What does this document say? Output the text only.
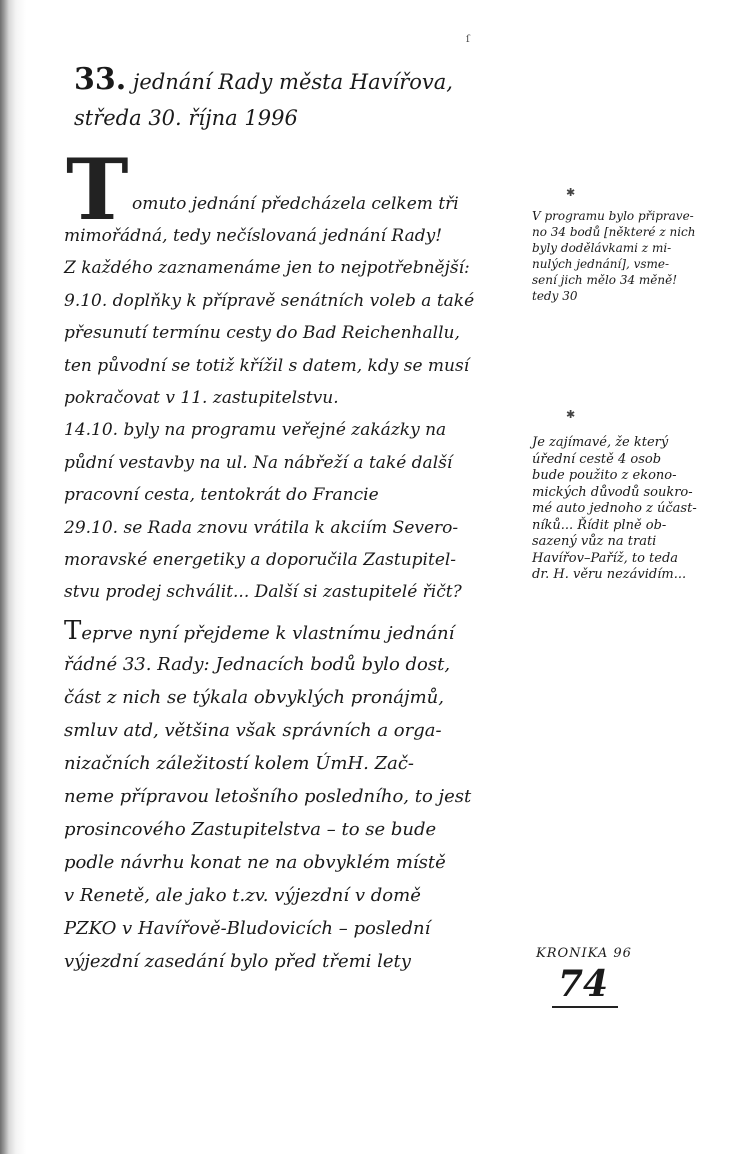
33. jednání Rady města Havířova,
středa 30. října 1996
T omuto jednání předcházela celkem tři
mimořádná, tedy nečíslovaná jednání Rady!
Z každého zaznamenáme jen to nejpotřebnější:
9.10. doplňky k přípravě senátních voleb a také
přesunutí termínu cesty do Bad Reichenhallu,
ten původní se totiž křížil s datem, kdy se musí
pokračovat v 11. zastupitelstvu.
14.10. byly na programu veřejné zakázky na
půdní vestavby na ul. Na nábřeží a také další
pracovní cesta, tentokrát do Francie
29.10. se Rada znovu vrátila k akciím Severo-
moravské energetiky a doporučila Zastupitel-
stvu prodej schválit... Další si zastupitelé řičt?
Teprve nyní přejdeme k vlastnímu jednání
řádné 33. Rady: Jednacích bodů bylo dost,
část z nich se týkala obvyklých pronájmů,
smluv atd, většina však správních a orga-
nizačních záležitostí kolem ÚmH. Zač-
neme přípravou letošního posledního, to jest
prosincového Zastupitelstva – to se bude
podle návrhu konat ne na obvyklém místě
v Renetě, ale jako t.zv. výjezdní v domě
PZKO v Havířově-Bludovicích – poslední
výjezdní zasedání bylo před třemi lety
ſ
✱
✱
V programu bylo připrave-
no 34 bodů [některé z nich
byly dodělávkami z mi-
nulých jednání], vsme-
sení jich mělo 34 měně!
tedy 30
Je zajímavé, že který
úřední cestě 4 osob
bude použito z ekono-
mických důvodů soukro-
mé auto jednoho z účast-
níků... Řídit plně ob-
sazený vůz na trati
Havířov–Paříž, to teda
dr. H. věru nezávidím...
KRONIKA 96
74
